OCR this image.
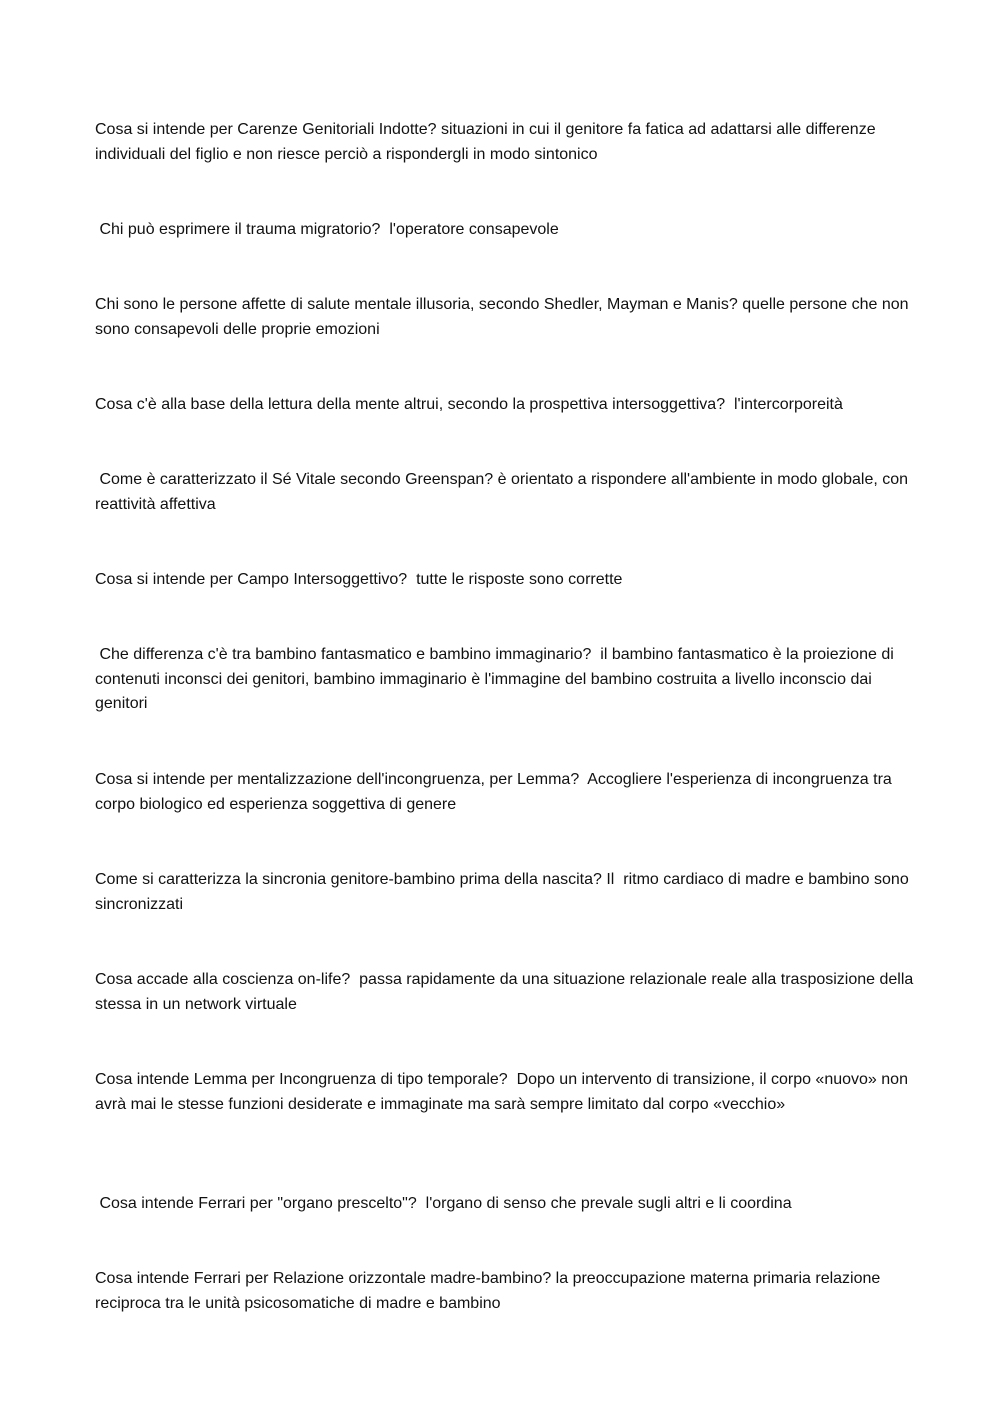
Cosa si intende per Carenze Genitoriali Indotte? situazioni in cui il genitore fa fatica ad adattarsi alle differenze individuali del figlio e non riesce perciò a rispondergli in modo sintonico

Chi può esprimere il trauma migratorio?  l'operatore consapevole

Chi sono le persone affette di salute mentale illusoria, secondo Shedler, Mayman e Manis? quelle persone che non sono consapevoli delle proprie emozioni

Cosa c'è alla base della lettura della mente altrui, secondo la prospettiva intersoggettiva?  l'intercorporeità

Come è caratterizzato il Sé Vitale secondo Greenspan? è orientato a rispondere all'ambiente in modo globale, con reattività affettiva

Cosa si intende per Campo Intersoggettivo?  tutte le risposte sono corrette

Che differenza c'è tra bambino fantasmatico e bambino immaginario?  il bambino fantasmatico è la proiezione di contenuti inconsci dei genitori, bambino immaginario è l'immagine del bambino costruita a livello inconscio dai genitori

Cosa si intende per mentalizzazione dell'incongruenza, per Lemma?  Accogliere l'esperienza di incongruenza tra corpo biologico ed esperienza soggettiva di genere

Come si caratterizza la sincronia genitore-bambino prima della nascita? Il  ritmo cardiaco di madre e bambino sono sincronizzati

Cosa accade alla coscienza on-life?  passa rapidamente da una situazione relazionale reale alla trasposizione della stessa in un network virtuale

Cosa intende Lemma per Incongruenza di tipo temporale?  Dopo un intervento di transizione, il corpo «nuovo» non avrà mai le stesse funzioni desiderate e immaginate ma sarà sempre limitato dal corpo «vecchio»

Cosa intende Ferrari per "organo prescelto"?  l'organo di senso che prevale sugli altri e li coordina

Cosa intende Ferrari per Relazione orizzontale madre-bambino? la preoccupazione materna primaria relazione reciproca tra le unità psicosomatiche di madre e bambino
